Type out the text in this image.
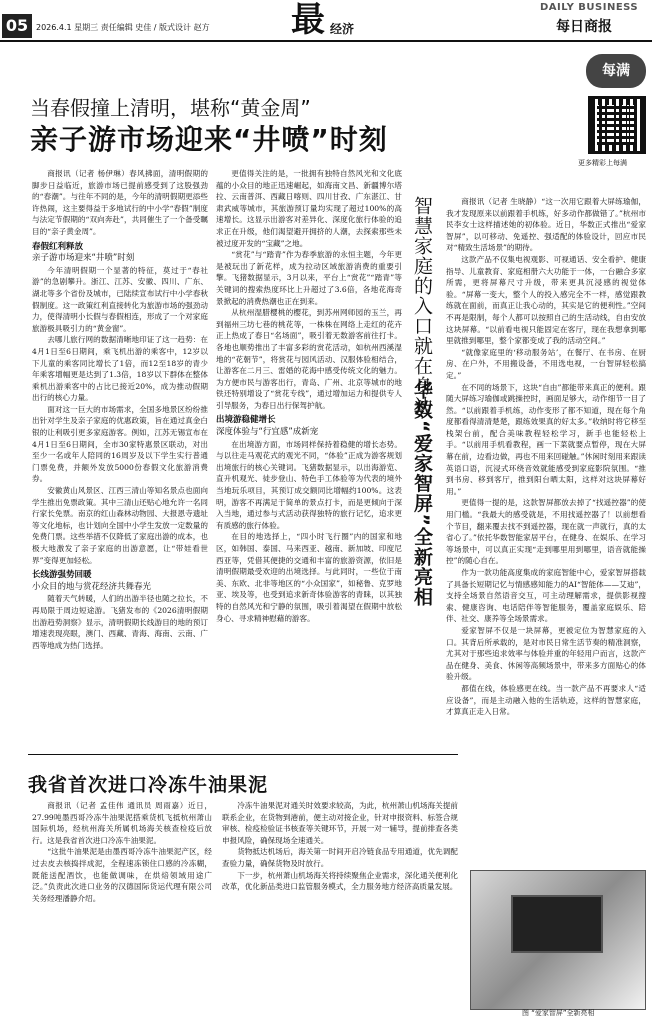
05 2026.4.1 星期三 责任编辑 史佳 / 版式设计 赵方 最 经济
DAILY BUSINESS
每日商报
每满
更多精彩上每满
当春假撞上清明，堪称“黄金周”
亲子游市场迎来“井喷”时刻

商报讯（记者 杨伊琳）春风拂面，清明假期的脚步日益临近，旅游市场已提前感受到了这股强劲的“春潮”。与往年不同的是，今年的清明假期更添些许热闹，这主要得益于多地试行的中小学“春假”制度与法定节假期的“双向奔赴”，共同催生了一个备受瞩目的“亲子黄金周”。

春假红利释放

亲子游市场迎来“井喷”时刻

今年清明假期一个显著的特征，莫过于“春社游”的急剧攀升。浙江、江苏、安徽、四川、广东、湖北等多个省份及城市，已陆续宣布试行中小学春秋假制度。这一政策红利直接转化为旅游市场的强劲动力，使得清明小长假与春假相连，形成了一个对家庭旅游极具吸引力的“黄金窗”。

去哪儿旅行网的数据清晰地印证了这一趋势：在4月1日至6日期间，乘飞机出游的乘客中，12岁以下儿童的乘客同比增长了1倍，而12至18岁的青少年乘客增幅更是达到了1.3倍，18岁以下群体在整体乘机出游乘客中的占比已接近20%，成为推动假期出行的核心力量。

面对这一巨大的市场需求，全国多地景区纷纷推出针对学生及亲子家庭的优惠政策，旨在通过真金白银的让利吸引更多家庭游客。例如，江苏无锡宣布在4月1日至6日期间，全市30家特惠景区联动，对出至少一名或年人陪同的16周岁及以下学生实行普通门票免费，并额外发放5000份春假文化旅游消费券。

安徽黄山风景区、江西三清山等知名景点也面向学生推出免票政策。其中三清山还贴心地允许一名同行家长免票。南京的红山森林动物园、大报恩寺遗址等文化地标，也计划向全国中小学生发放一定数量的免费门票。这些举措不仅降低了家庭出游的成本，也极大地激发了亲子家庭的出游意愿，让“带娃看世界”变得更加轻松。

长线游强势回暖

小众目的地与赏花经济共舞春光

随着天气转暖，人们的出游半径也随之拉长，不再局限于周边短途游。飞猪发布的《2026清明假期出游趋势洞察》显示，清明假期长线游目的地的预订增速表现亮眼，澳门、西藏、青海、海南、云南、广西等地成为热门选择。

更值得关注的是，一批拥有独特自然风光和文化底蕴的小众目的地正迅速崛起，如海南文昌、新疆博尔塔拉、云南普洱、西藏日喀则、四川甘孜、广东湛江、甘肃武威等城市，其旅游预订量均实现了超过100%的高速增长。这显示出游客对差异化、深度化旅行体验的追求正在升级，他们渴望避开拥挤的人潮，去探索那些未被过度开发的“宝藏”之地。

“赏花”与“踏青”作为春季旅游的永恒主题，今年更是被玩出了新花样，成为拉动区域旅游消费的重要引擎。飞猪数据显示，3月以来，平台上“赏花”“踏青”等关键词的搜索热度环比上升超过了3.6倍，各地花海奇景掀起的消费热潮也正在到来。

从杭州湿腊樱桃的樱花，到苏州网师园的玉兰，再到福州三坊七巷的桃花等，一株株在网络上走红的花卉正上热成了春日“名场面”，吸引着无数游客前往打卡。各地也顺势推出了丰富多彩的赏花活动，如杭州西溪湿地的“花朝节”，将赏花与园风活动、汉服体验相结合，让游客在二月三、雷婚的花海中感受传统文化的魅力。为方便市民与游客出行，青岛、广州、北京等城市的地铁还特别增设了“赏花专线”，通过增加运力和提供专人引导服务，为春日出行保驾护航。

出境游稳健增长

深度体验与“行宜感”成新宠

在出境游方面，市场同样保持着稳健的增长态势。与以往走马观花式的观光不同，“体验”正成为游客规划出境旅行的核心关键词。飞猪数据显示，以出海游览、直升机观光、徒步登山、特色手工体验等为代表的境外当地玩乐项目，其预订成交额同比增幅约100%。这表明，游客不再满足于简单的景点打卡，而是更倾向于深入当地，通过参与式活动获得独特的旅行记忆，追求更有质感的旅行体验。

在目的地选择上，“四小时飞行圈”内的国家和地区，如韩国、泰国、马来西亚、越南、新加坡、印度尼西亚等，凭借其便捷的交通和丰富的旅游资源，依旧是清明假期最受欢迎的出境选择。与此同时，一些位于南美、东欧、北非等地区的“小众国家”，如秘鲁、克罗地亚、埃及等，也受到追求新奇体验游客的青睐，以其独特的自然风光和宁静的氛围，吸引着渴望在假期中放松身心、寻求精神慰藉的游客。

智慧家庭的入口就在身边
华数“爱家智屏”全新亮相

商报讯（记者 生晓静）“这一次用它跟着大屏练瑜伽，我才发现原来以前跟着手机练，好多动作都做错了。”杭州市民李女士这样描述她的初体验。近日，华数正式推出“爱家智屏”，以可移动、免遥控、强适配的体验设计，回应市民对“精致生活场景”的期待。

这款产品不仅集电视观影、可视通话、安全看护、健康指导、儿童教育、家庭相册六大功能于一体，一台融合多家所需，更将屏幕尺寸升级，带来更具沉浸感的视觉体验。“屏幕一变大，整个人的投入感完全不一样，感觉跟教练就在面前，而真正让我心动的，其实是它的便利性。”空间不再是限制，每个人都可以按照自己的生活动线，自由安放这块屏幕。“以前看电视只能固定在客厅，现在我想拿到哪里就推到哪里，整个家都变成了我的活动空间。”

“就像家庭里的‘移动服务站’，在餐厅、在书房、在厨房、在户外，不用搬设备，不用选电视，一台智屏轻松搞定。”

在不同的场景下，这块“自由”都能带来真正的便利。跟随大屏练习瑜伽或跳操控时，画面足够大，动作细节一目了然。“以前跟着手机练，动作变形了都不知道，现在每个角度都看得清清楚楚，跟练效果真的好太多。”收纳时将它移至栈架台前，配合美味教程轻松学习，新手也能轻松上手。“以前用手机看教程，画一下菜就要点暂停，现在大屏幕在前，边看边做，再也不用来回碰触。”休闲时刻用来跟读英语口语，沉浸式环绕音效就能感受到家庭影院氛围。“推到书房、移到客厅，推到阳台晒太阳，这样对这块屏幕好用。”

更值得一提的是，这款智屏都放去掉了“找遥控器”的使用门槛。“我最大的感受就是，不用找遥控器了！以前想看个节目，翻来覆去找不到遥控器，现在就一声就行，真的太省心了。”依托华数智能家居平台，在健身、在娱乐、在学习等场景中，可以真正实现“走到哪里用到哪里，语音就能操控”的随心自在。

作为一款功能高度集成的家庭智能中心，爱家智屏搭载了具备长短期记忆与情感感知能力的AI“智能体——艾迪”，支持全场景自然语音交互，可主动理解需求，提供影视搜索、健康咨询、电话陪伴等智能服务，覆盖家庭娱乐、陪伴、社交、康养等全场景需求。

爱家智屏不仅是一块屏幕，更被定位为智慧家庭的入口。其背后所承载的，是对市民日常生活节奏的精准洞察，尤其对于那些追求效率与体验并重的年轻用户而言，这款产品在健身、美食、休闲等高频场景中，带来多方面贴心的体验升级。

都值在线，体验感更在线。当一款产品不再要求人“适应设备”，而是主动融入他的生活轨迹，这样的智慧家庭，才算真正走入日常。

图 “爱家智屏”全新亮相
我省首次进口冷冻牛油果泥

商报讯（记者 孟佳伟 通讯员 周雨嘉）近日，27.99吨墨西哥冷冻牛油果泥搭乘货机飞抵杭州萧山国际机场，经杭州海关所属机场海关核查检疫后放行。这是我省首次进口冷冻牛油果泥。

“这批牛油果泥是由墨西哥冷冻牛油果泥产区，经过去皮去核捣拌成泥，全程速冻锁住口感的冷冻糊，既能送配酒饮，也能做调味，在烘焙领域用途广泛。”负责此次进口业务的汉德国际货运代理有限公司关务经理潘静介绍。

冷冻牛油果泥对通关时效要求较高，为此，杭州萧山机场海关提前联系企业，在货物到港前，便主动对接企业，针对申报资料、标签合规审核、检疫检验证书核查等关键环节，开展一对一辅导，提前排查各类申报风险，确保现场全速通关。

货物抵达机场后，海关第一时间开启冷链食品专用通道，优先调配查验力量，确保货物及时放行。

下一步，杭州萧山机场海关将持续聚焦企业需求，深化通关便利化改革，优化新品类进口监管服务模式，全力服务地方经济高质量发展。
